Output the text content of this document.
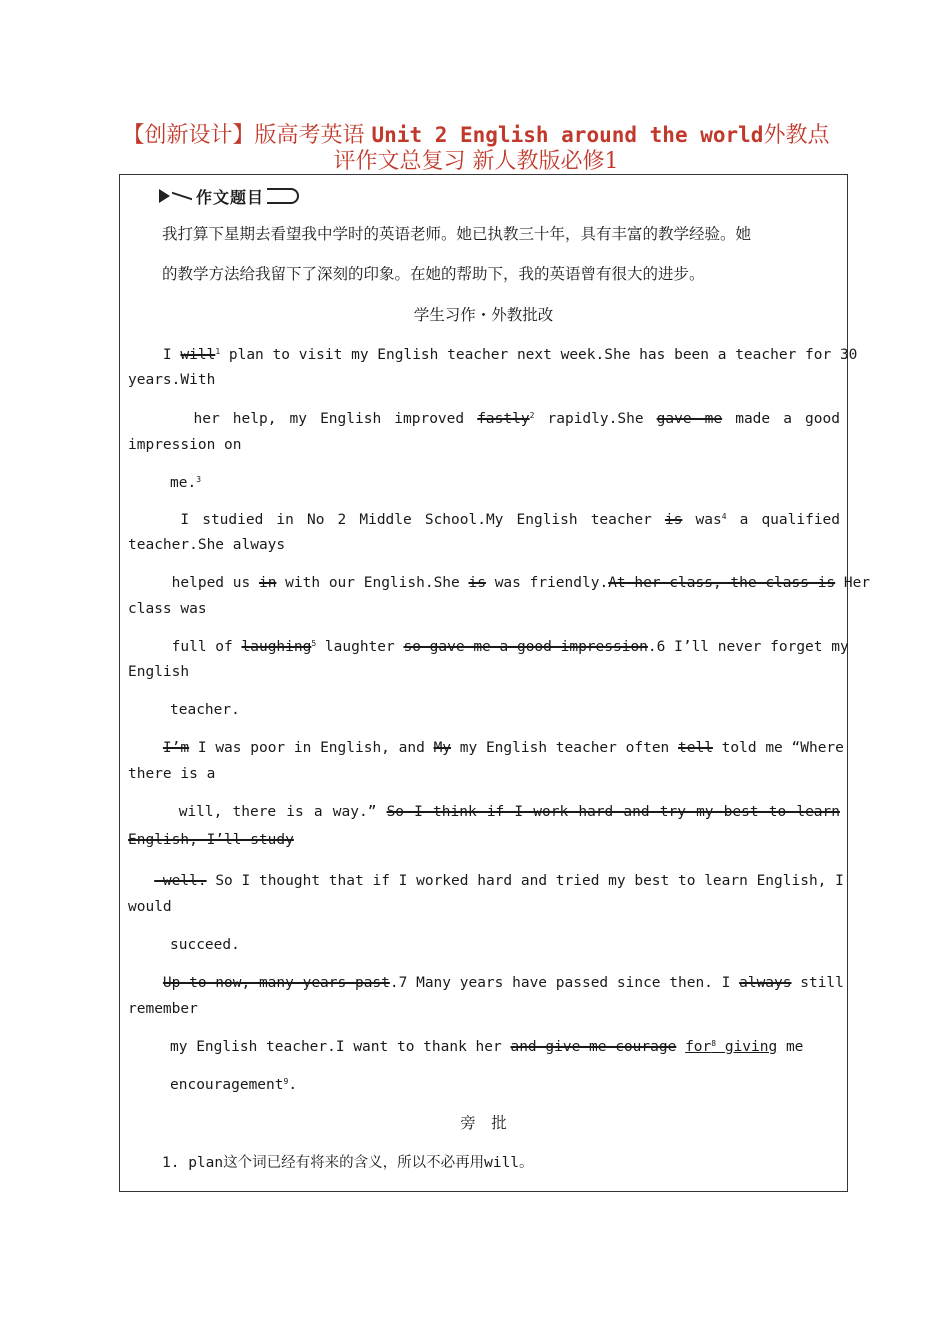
【创新设计】版高考英语 Unit 2 English around the world外教点评作文总复习 新人教版必修1
作文题目
我打算下星期去看望我中学时的英语老师。她已执教三十年，具有丰富的教学经验。她
的教学方法给我留下了深刻的印象。在她的帮助下，我的英语曾有很大的进步。
学生习作・外教批改
I will$^1$ plan to visit my English teacher next week.She has been a teacher for 30
years.With
her help, my English improved fastly$^2$ rapidly.She gave me made a good
impression on
me.$^3$
I studied in No 2 Middle School.My English teacher is was$^4$ a qualified
teacher.She always
helped us in with our English.She is was friendly.At her class, the class is Her
class was
full of laughing$^5$ laughter so gave me a good impression.6 I’ll never forget my
English
teacher.
I’m I was poor in English, and My my English teacher often tell told me “Where
there is a
will, there is a way.” So I think if I work hard and try my best to learn
English, I’ll study
well. So I thought that if I worked hard and tried my best to learn English, I
would
succeed.
Up to now, many years past.7 Many years have passed since then. I always still
remember
my English teacher.I want to thank her and give me courage for$^8$ giving me
encouragement$^9$.
旁　批
1. plan这个词已经有将来的含义，所以不必再用will。
